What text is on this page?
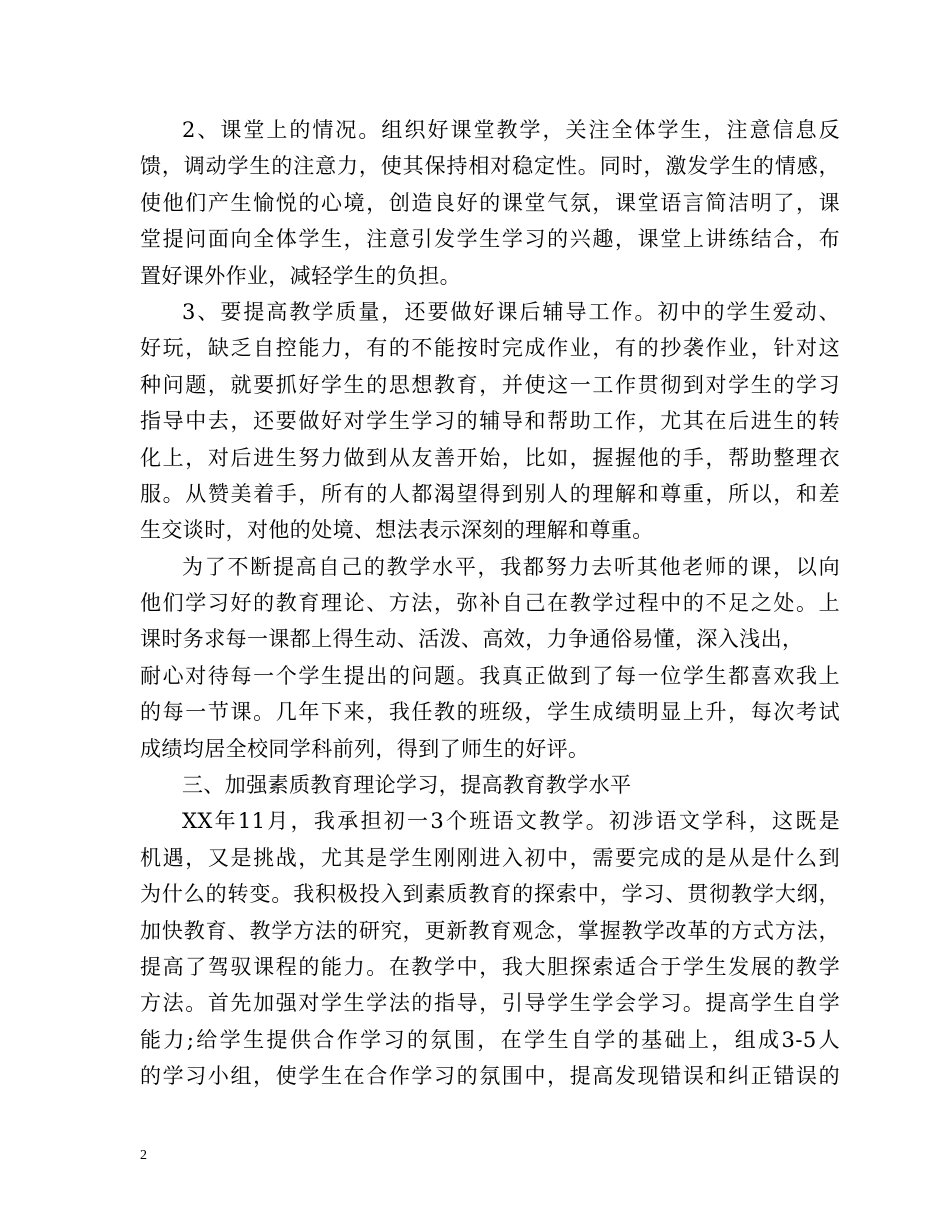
2、课堂上的情况。组织好课堂教学，关注全体学生，注意信息反
馈，调动学生的注意力，使其保持相对稳定性。同时，激发学生的情感，
使他们产生愉悦的心境，创造良好的课堂气氛，课堂语言简洁明了，课
堂提问面向全体学生，注意引发学生学习的兴趣，课堂上讲练结合，布
置好课外作业，减轻学生的负担。
3、要提高教学质量，还要做好课后辅导工作。初中的学生爱动、
好玩，缺乏自控能力，有的不能按时完成作业，有的抄袭作业，针对这
种问题，就要抓好学生的思想教育，并使这一工作贯彻到对学生的学习
指导中去，还要做好对学生学习的辅导和帮助工作，尤其在后进生的转
化上，对后进生努力做到从友善开始，比如，握握他的手，帮助整理衣
服。从赞美着手，所有的人都渴望得到别人的理解和尊重，所以，和差
生交谈时，对他的处境、想法表示深刻的理解和尊重。
为了不断提高自己的教学水平，我都努力去听其他老师的课，以向
他们学习好的教育理论、方法，弥补自己在教学过程中的不足之处。上
课时务求每一课都上得生动、活泼、高效，力争通俗易懂，深入浅出，
耐心对待每一个学生提出的问题。我真正做到了每一位学生都喜欢我上
的每一节课。几年下来，我任教的班级，学生成绩明显上升，每次考试
成绩均居全校同学科前列，得到了师生的好评。
三、加强素质教育理论学习，提高教育教学水平
XX年11月，我承担初一3个班语文教学。初涉语文学科，这既是
机遇，又是挑战，尤其是学生刚刚进入初中，需要完成的是从是什么到
为什么的转变。我积极投入到素质教育的探索中，学习、贯彻教学大纲，
加快教育、教学方法的研究，更新教育观念，掌握教学改革的方式方法，
提高了驾驭课程的能力。在教学中，我大胆探索适合于学生发展的教学
方法。首先加强对学生学法的指导，引导学生学会学习。提高学生自学
能力;给学生提供合作学习的氛围，在学生自学的基础上，组成3-5人
的学习小组，使学生在合作学习的氛围中，提高发现错误和纠正错误的
2
